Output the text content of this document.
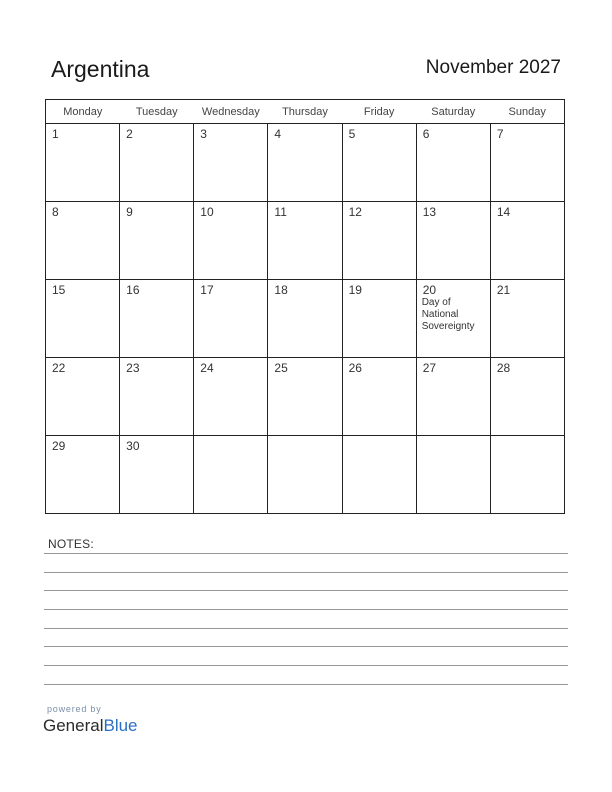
Argentina	November 2027
Monday	Tuesday	Wednesday	Thursday	Friday	Saturday	Sunday

1	2	3	4	5	6	7

8	9	10	11	12	13	14

15	16	17	18	19	20
Day of
National
Sovereignty	21

22	23	24	25	26	27	28

29	30					

NOTES:
powered by
GeneralBlue
